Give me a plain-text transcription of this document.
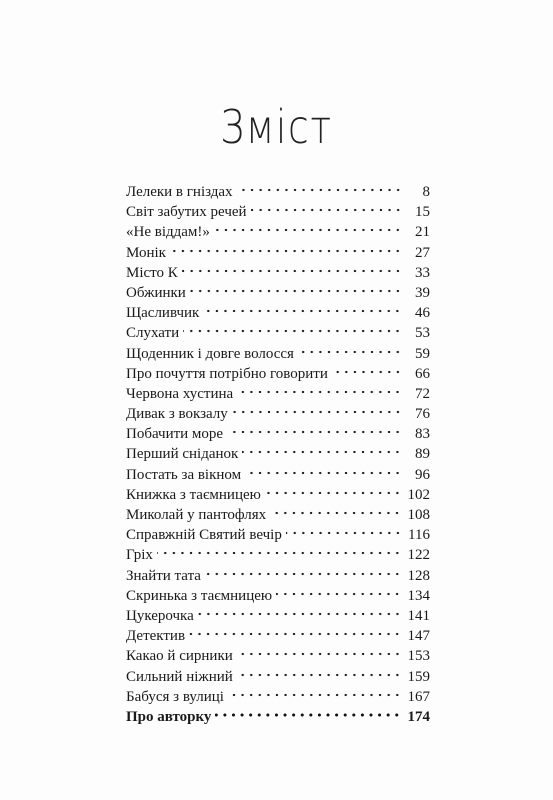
Зміст
Лелеки в гніздах	8
Світ забутих речей	15
«Не віддам!»	21
Монік	27
Місто К	33
Обжинки	39
Щасливчик	46
Слухати	53
Щоденник і довге волосся	59
Про почуття потрібно говорити	66
Червона хустина	72
Дивак з вокзалу	76
Побачити море	83
Перший сніданок	89
Постать за вікном	96
Книжка з таємницею	102
Миколай у пантофлях	108
Справжній Святий вечір	116
Гріх	122
Знайти тата	128
Скринька з таємницею	134
Цукерочка	141
Детектив	147
Какао й сирники	153
Сильний ніжний	159
Бабуся з вулиці	167
Про авторку	174
